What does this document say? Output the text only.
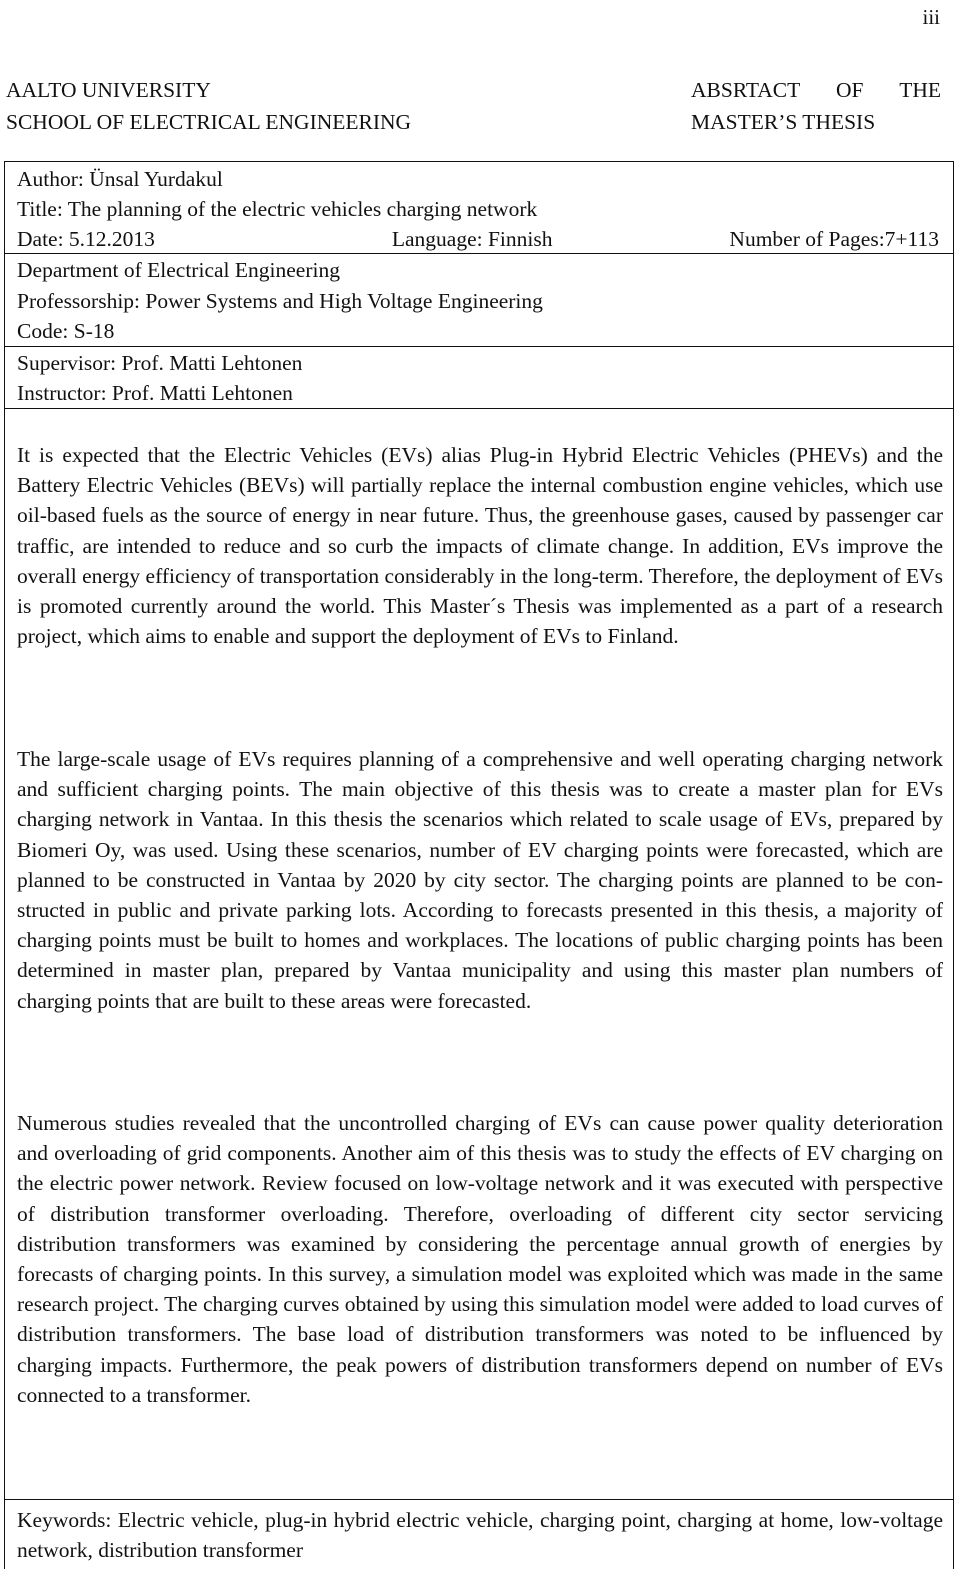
iii
AALTO UNIVERSITY
SCHOOL OF ELECTRICAL ENGINEERING
ABSRTACT OF THE
MASTER’S THESIS
Author: Ünsal Yurdakul
Title: The planning of the electric vehicles charging network
Date: 5.12.2013	Language: Finnish	Number of Pages:7+113
Department of Electrical Engineering
Professorship: Power Systems and High Voltage Engineering
Code: S-18
Supervisor: Prof. Matti Lehtonen
Instructor: Prof. Matti Lehtonen

It is expected that the Electric Vehicles (EVs) alias Plug-in Hybrid Electric Vehicles (PHEVs) and the Battery Electric Vehicles (BEVs) will partially replace the internal combustion engine vehicles, which use oil-based fuels as the source of energy in near future. Thus, the greenhouse gases, caused by passenger car traffic, are intended to reduce and so curb the impacts of climate change. In addition, EVs improve the overall energy efficiency of transportation considerably in the long-term. Therefore, the deployment of EVs is promoted currently around the world. This Master´s Thesis was implemented as a part of a research project, which aims to enable and support the deployment of EVs to Finland.

The large-scale usage of EVs requires planning of a comprehensive and well operating charging network and sufficient charging points. The main objective of this thesis was to create a master plan for EVs charging network in Vantaa. In this thesis the scenarios which related to scale usage of EVs, prepared by Biomeri Oy, was used. Using these scenarios, number of EV charging points were forecasted, which are planned to be constructed in Vantaa by 2020 by city sector. The charging points are planned to be constructed in public and private parking lots. According to forecasts presented in this thesis, a majority of charging points must be built to homes and workplaces. The locations of public charging points has been determined in master plan, prepared by Vantaa municipality and using this master plan numbers of charging points that are built to these areas were forecasted.

Numerous studies revealed that the uncontrolled charging of EVs can cause power quality deterioration and overloading of grid components. Another aim of this thesis was to study the effects of EV charging on the electric power network. Review focused on low-voltage network and it was executed with perspective of distribution transformer overloading. Therefore, overloading of different city sector servicing distribution transformers was examined by considering the percentage annual growth of energies by forecasts of charging points. In this survey, a simulation model was exploited which was made in the same research project. The charging curves obtained by using this simulation model were added to load curves of distribution transformers. The base load of distribution transformers was noted to be influenced by charging impacts. Furthermore, the peak powers of distribution transformers depend on number of EVs connected to a transformer.

Keywords: Electric vehicle, plug-in hybrid electric vehicle, charging point, charging at home, low-voltage network, distribution transformer
